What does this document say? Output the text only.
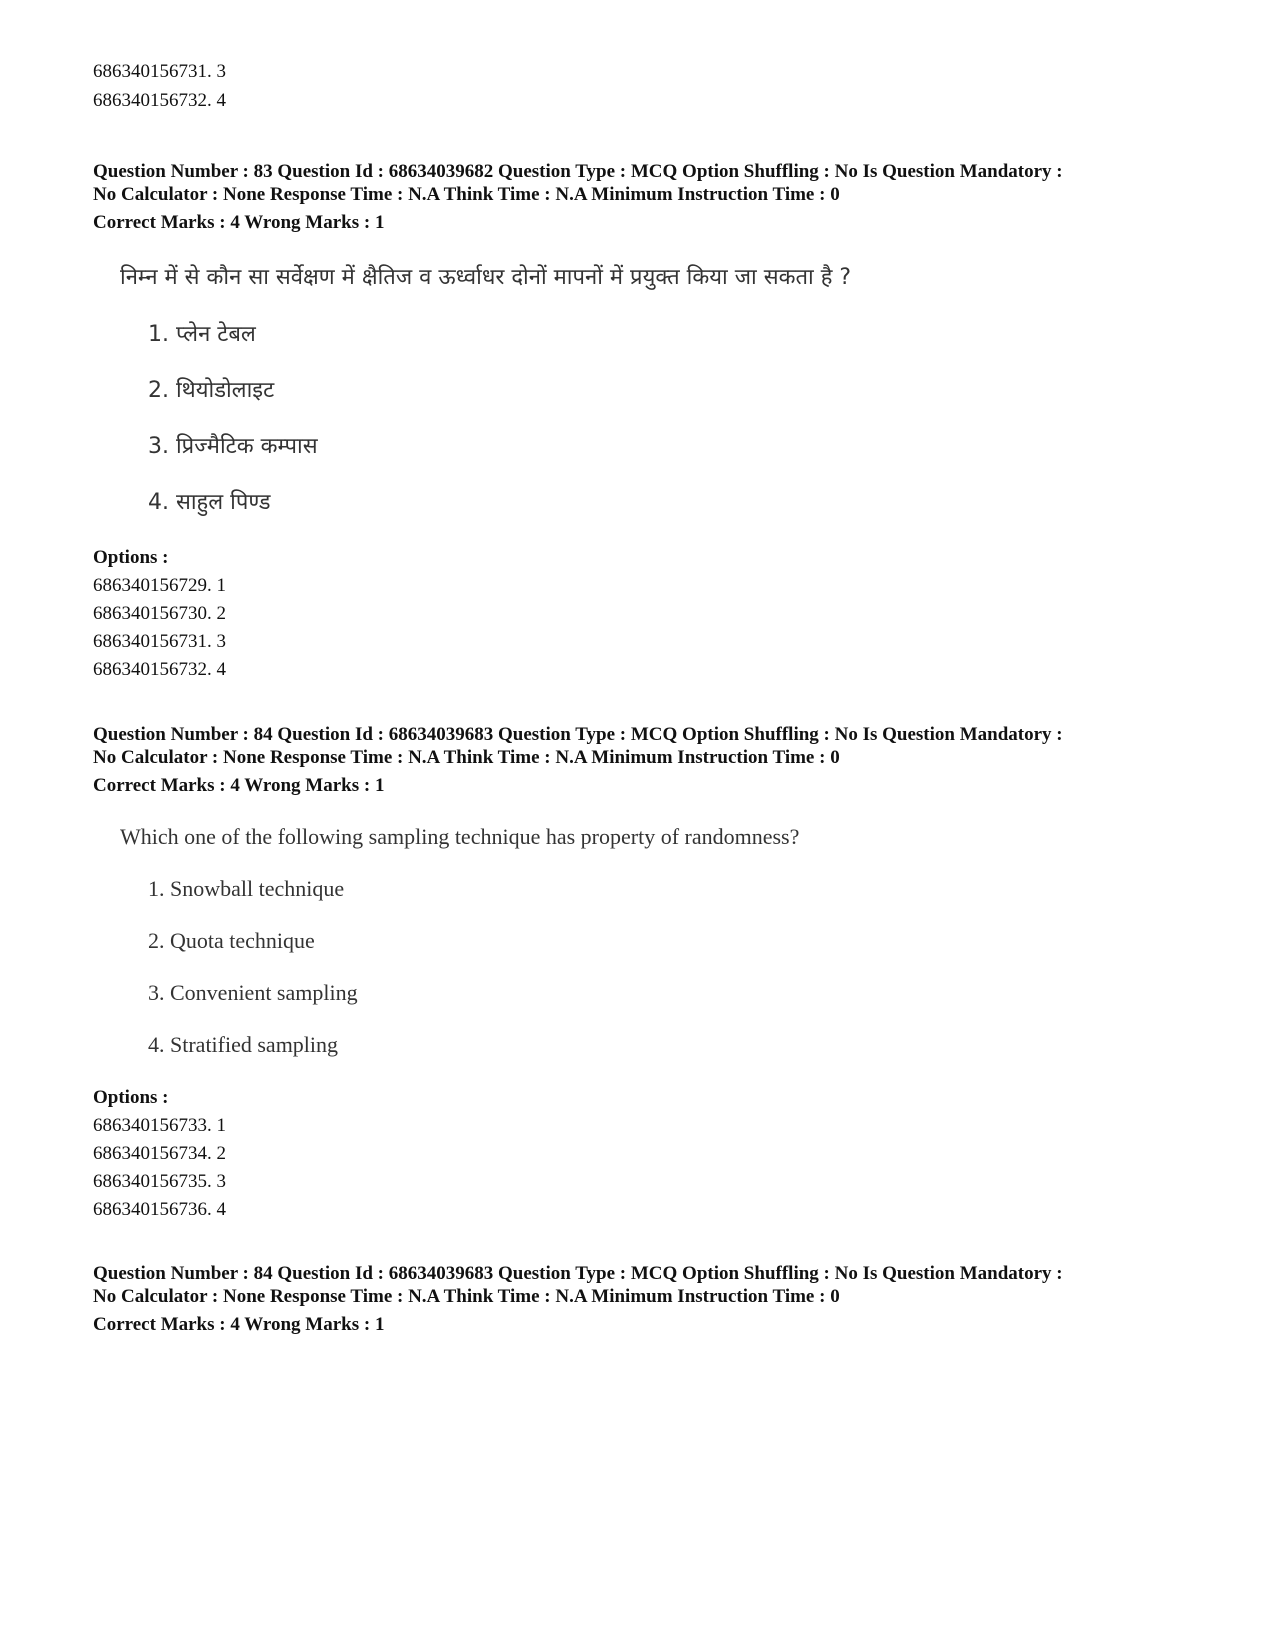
686340156731. 3
686340156732. 4
Question Number : 83 Question Id : 68634039682 Question Type : MCQ Option Shuffling : No Is Question Mandatory :
No Calculator : None Response Time : N.A Think Time : N.A Minimum Instruction Time : 0
Correct Marks : 4 Wrong Marks : 1
निम्न में से कौन सा सर्वेक्षण में क्षैतिज व ऊर्ध्वाधर दोनों मापनों में प्रयुक्त किया जा सकता है ?
1. प्लेन टेबल
2. थियोडोलाइट
3. प्रिज्मैटिक कम्पास
4. साहुल पिण्ड
Options :
686340156729. 1
686340156730. 2
686340156731. 3
686340156732. 4
Question Number : 84 Question Id : 68634039683 Question Type : MCQ Option Shuffling : No Is Question Mandatory :
No Calculator : None Response Time : N.A Think Time : N.A Minimum Instruction Time : 0
Correct Marks : 4 Wrong Marks : 1
Which one of the following sampling technique has property of randomness?
1. Snowball technique
2. Quota technique
3. Convenient sampling
4. Stratified sampling
Options :
686340156733. 1
686340156734. 2
686340156735. 3
686340156736. 4
Question Number : 84 Question Id : 68634039683 Question Type : MCQ Option Shuffling : No Is Question Mandatory :
No Calculator : None Response Time : N.A Think Time : N.A Minimum Instruction Time : 0
Correct Marks : 4 Wrong Marks : 1
